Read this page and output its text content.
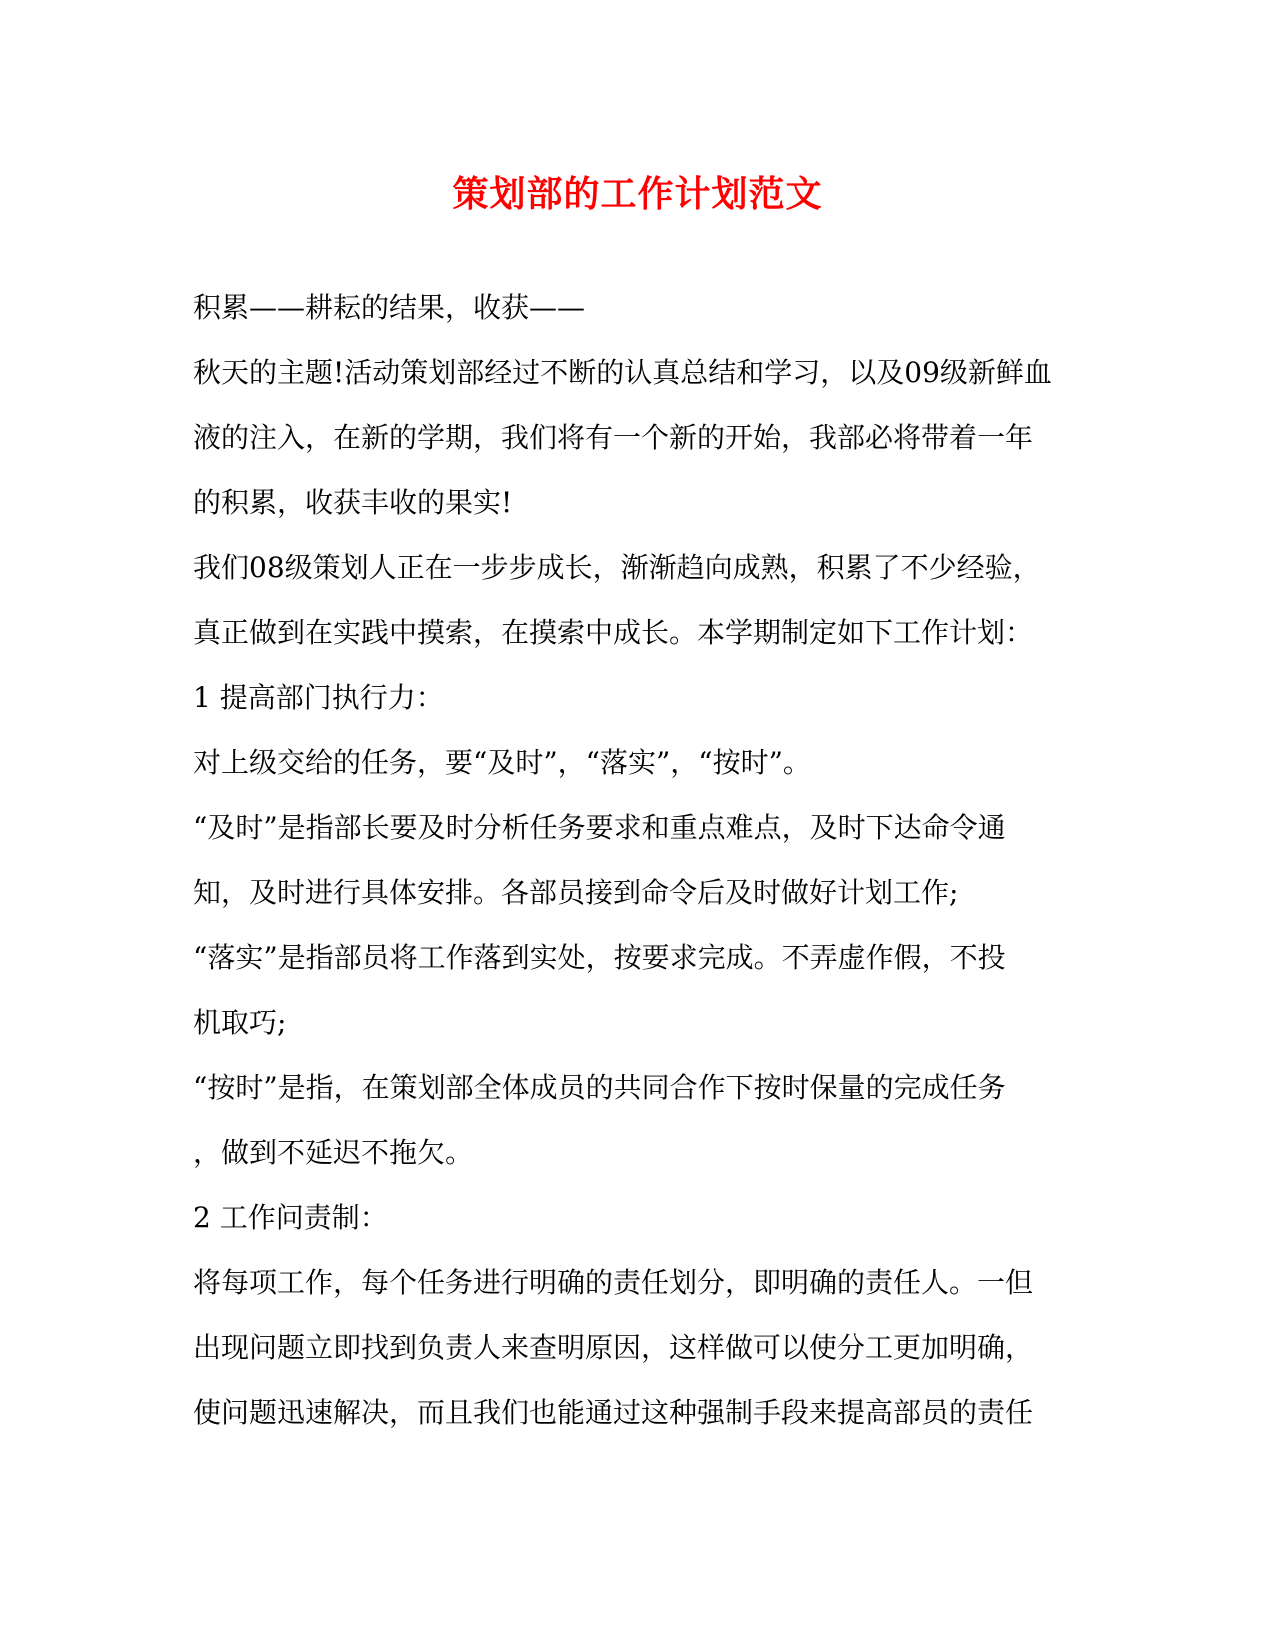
策划部的工作计划范文
积累——耕耘的结果，收获——
秋天的主题!活动策划部经过不断的认真总结和学习，以及09级新鲜血
液的注入，在新的学期，我们将有一个新的开始，我部必将带着一年
的积累，收获丰收的果实!
我们08级策划人正在一步步成长，渐渐趋向成熟，积累了不少经验，
真正做到在实践中摸索，在摸索中成长。本学期制定如下工作计划：
1 提高部门执行力：
对上级交给的任务，要“及时”，“落实”，“按时”。
“及时”是指部长要及时分析任务要求和重点难点，及时下达命令通
知，及时进行具体安排。各部员接到命令后及时做好计划工作;
“落实”是指部员将工作落到实处，按要求完成。不弄虚作假，不投
机取巧;
“按时”是指，在策划部全体成员的共同合作下按时保量的完成任务
，做到不延迟不拖欠。
2 工作问责制：
将每项工作，每个任务进行明确的责任划分，即明确的责任人。一但
出现问题立即找到负责人来查明原因，这样做可以使分工更加明确，
使问题迅速解决，而且我们也能通过这种强制手段来提高部员的责任
